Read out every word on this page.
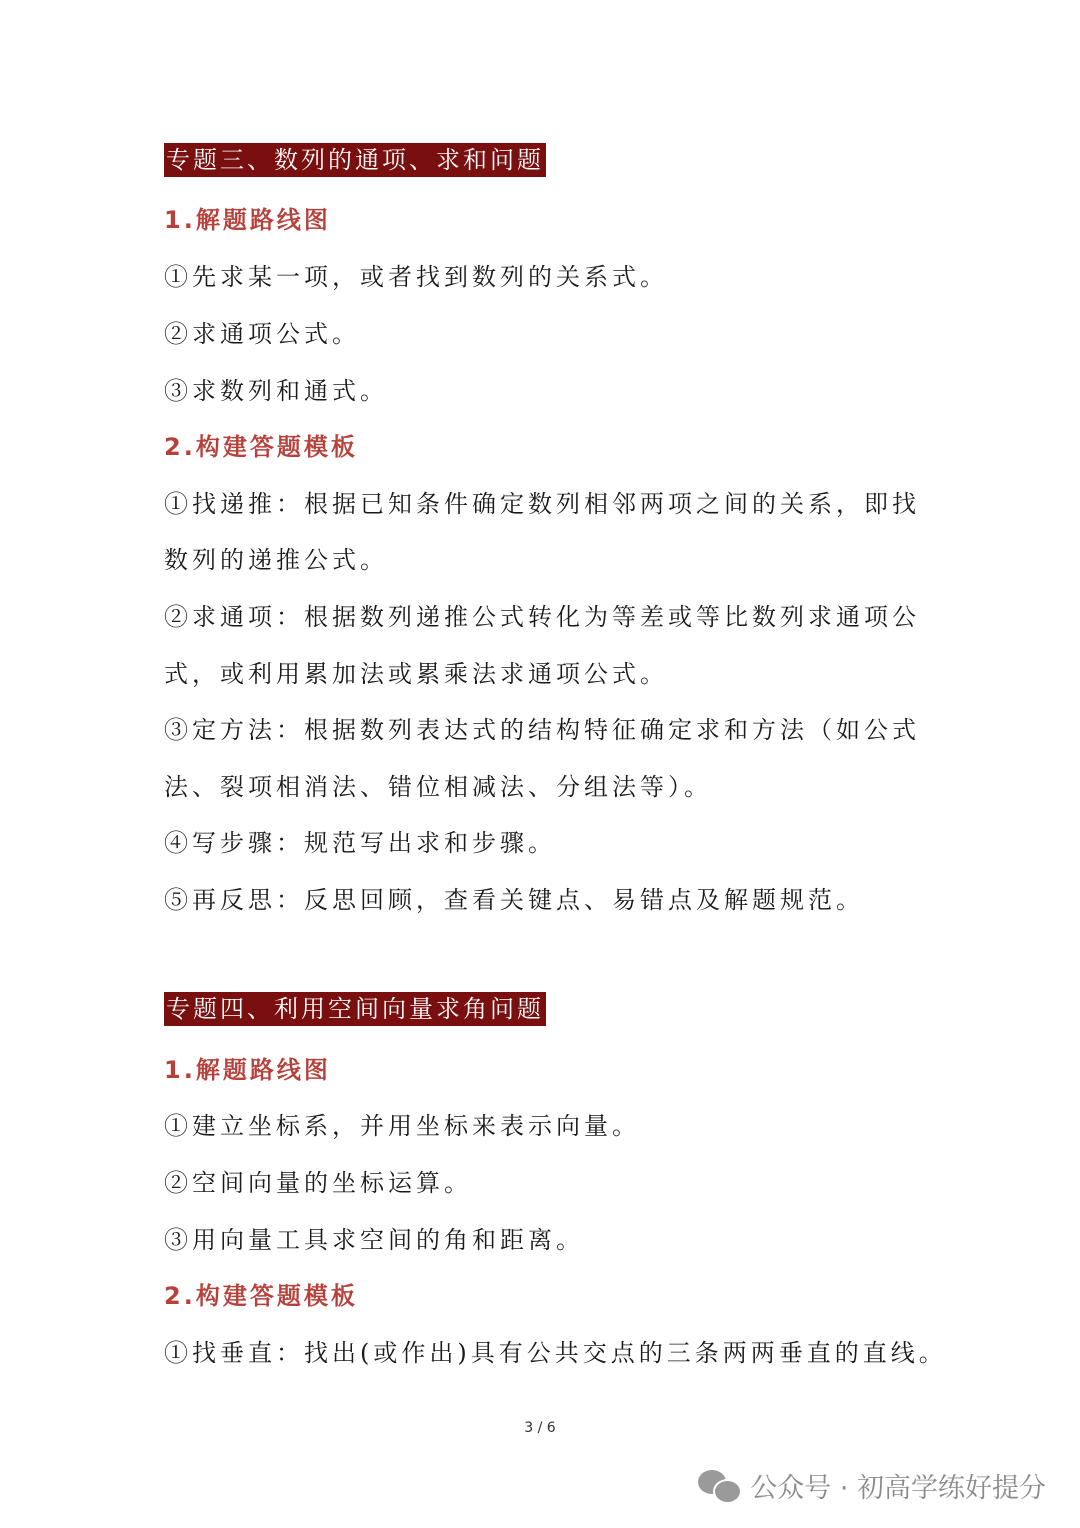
专题三、数列的通项、求和问题
1.解题路线图
①先求某一项，或者找到数列的关系式。
②求通项公式。
③求数列和通式。
2.构建答题模板
①找递推：根据已知条件确定数列相邻两项之间的关系，即找
数列的递推公式。
②求通项：根据数列递推公式转化为等差或等比数列求通项公
式，或利用累加法或累乘法求通项公式。
③定方法：根据数列表达式的结构特征确定求和方法（如公式
法、裂项相消法、错位相减法、分组法等）。
④写步骤：规范写出求和步骤。
⑤再反思：反思回顾，查看关键点、易错点及解题规范。
专题四、利用空间向量求角问题
1.解题路线图
①建立坐标系，并用坐标来表示向量。
②空间向量的坐标运算。
③用向量工具求空间的角和距离。
2.构建答题模板
①找垂直：找出(或作出)具有公共交点的三条两两垂直的直线。
3 / 6
公众号 · 初高学练好提分
